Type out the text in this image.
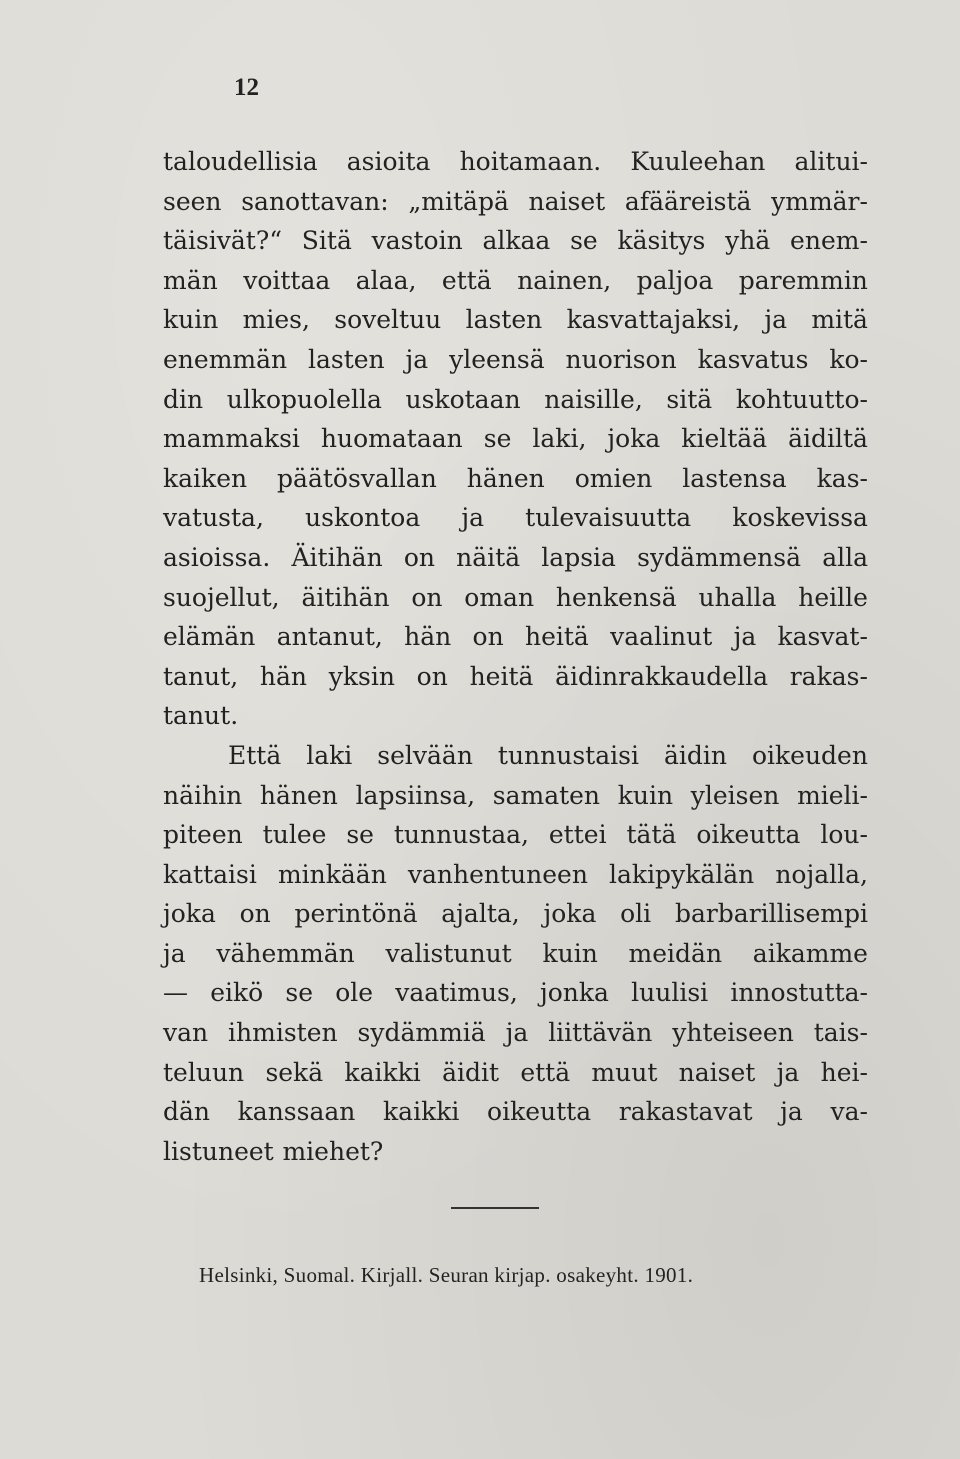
12
taloudellisia asioita hoitamaan. Kuuleehan alitui-
seen sanottavan: „mitäpä naiset afääreistä ymmär-
täisivät?“ Sitä vastoin alkaa se käsitys yhä enem-
män voittaa alaa, että nainen, paljoa paremmin
kuin mies, soveltuu lasten kasvattajaksi, ja mitä
enemmän lasten ja yleensä nuorison kasvatus ko-
din ulkopuolella uskotaan naisille, sitä kohtuutto-
mammaksi huomataan se laki, joka kieltää äidiltä
kaiken päätösvallan hänen omien lastensa kas-
vatusta, uskontoa ja tulevaisuutta koskevissa
asioissa. Äitihän on näitä lapsia sydämmensä alla
suojellut, äitihän on oman henkensä uhalla heille
elämän antanut, hän on heitä vaalinut ja kasvat-
tanut, hän yksin on heitä äidinrakkaudella rakas-
tanut.
Että laki selvään tunnustaisi äidin oikeuden
näihin hänen lapsiinsa, samaten kuin yleisen mieli-
piteen tulee se tunnustaa, ettei tätä oikeutta lou-
kattaisi minkään vanhentuneen lakipykälän nojalla,
joka on perintönä ajalta, joka oli barbarillisempi
ja vähemmän valistunut kuin meidän aikamme
— eikö se ole vaatimus, jonka luulisi innostutta-
van ihmisten sydämmiä ja liittävän yhteiseen tais-
teluun sekä kaikki äidit että muut naiset ja hei-
dän kanssaan kaikki oikeutta rakastavat ja va-
listuneet miehet?
Helsinki, Suomal. Kirjall. Seuran kirjap. osakeyht. 1901.
